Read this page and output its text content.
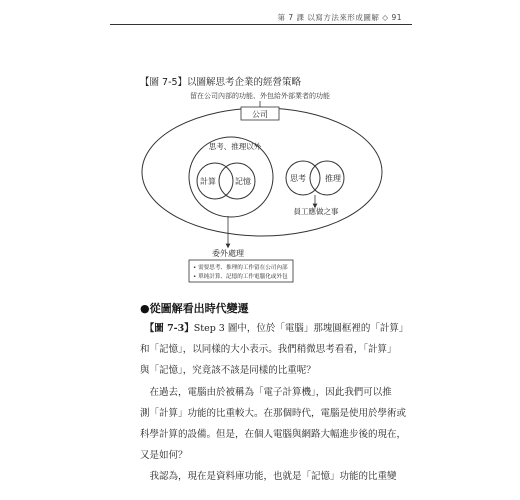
第 7 課 以寫方法來形成圖解 ◇ 91
【圖 7-5】以圖解思考企業的經營策略
留在公司內部的功能、外包給外部業者的功能
公司
思考、推理以外
計算 記憶	思考 推理
員工應做之事
委外處理
• 需要思考、推理的工作留在公司內部
• 單純計算、記憶的工作電腦化或外包
●從圖解看出時代變遷

　【圖 7-3】Step 3 圖中，位於「電腦」那塊圓框裡的「計算」
和「記憶」，以同樣的大小表示。我們稍微思考看看，「計算」
與「記憶」，究竟該不該是同樣的比重呢？

　在過去，電腦由於被稱為「電子計算機」，因此我們可以推
測「計算」功能的比重較大。在那個時代，電腦是使用於學術或
科學計算的設備。但是，在個人電腦與網路大幅進步後的現在，
又是如何？

　我認為，現在是資料庫功能，也就是「記憶」功能的比重變
